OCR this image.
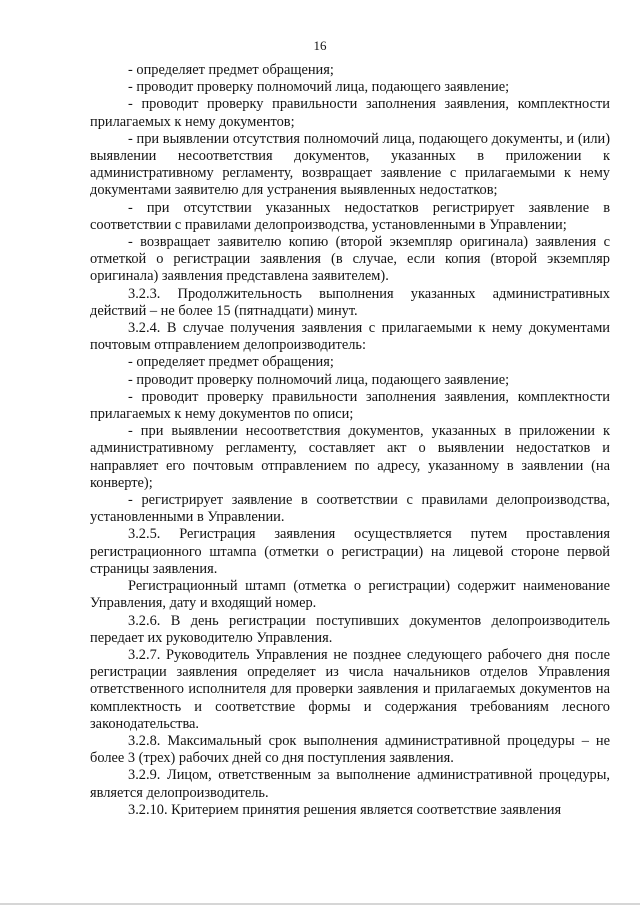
16

- определяет предмет обращения;

- проводит проверку полномочий лица, подающего заявление;

- проводит проверку правильности заполнения заявления, комплектности прилагаемых к нему документов;

- при выявлении отсутствия полномочий лица, подающего документы, и (или) выявлении несоответствия документов, указанных в приложении к административному регламенту, возвращает заявление с прилагаемыми к нему документами заявителю для устранения выявленных недостатков;

- при отсутствии указанных недостатков регистрирует заявление в соответствии с правилами делопроизводства, установленными в Управлении;

- возвращает заявителю копию (второй экземпляр оригинала) заявления с отметкой о регистрации заявления (в случае, если копия (второй экземпляр оригинала) заявления представлена заявителем).

3.2.3. Продолжительность выполнения указанных административных действий – не более 15 (пятнадцати) минут.

3.2.4. В случае получения заявления с прилагаемыми к нему документами почтовым отправлением делопроизводитель:

- определяет предмет обращения;

- проводит проверку полномочий лица, подающего заявление;

- проводит проверку правильности заполнения заявления, комплектности прилагаемых к нему документов по описи;

- при выявлении несоответствия документов, указанных в приложении к административному регламенту, составляет акт о выявлении недостатков и направляет его почтовым отправлением по адресу, указанному в заявлении (на конверте);

- регистрирует заявление в соответствии с правилами делопроизводства, установленными в Управлении.

3.2.5. Регистрация заявления осуществляется путем проставления регистрационного штампа (отметки о регистрации) на лицевой стороне первой страницы заявления.

Регистрационный штамп (отметка о регистрации) содержит наименование Управления, дату и входящий номер.

3.2.6. В день регистрации поступивших документов делопроизводитель передает их руководителю Управления.

3.2.7. Руководитель Управления не позднее следующего рабочего дня после регистрации заявления определяет из числа начальников отделов Управления ответственного исполнителя для проверки заявления и прилагаемых документов на комплектность и соответствие формы и содержания требованиям лесного законодательства.

3.2.8. Максимальный срок выполнения административной процедуры – не более 3 (трех) рабочих дней со дня поступления заявления.

3.2.9. Лицом, ответственным за выполнение административной процедуры, является делопроизводитель.

3.2.10. Критерием принятия решения является соответствие заявления
